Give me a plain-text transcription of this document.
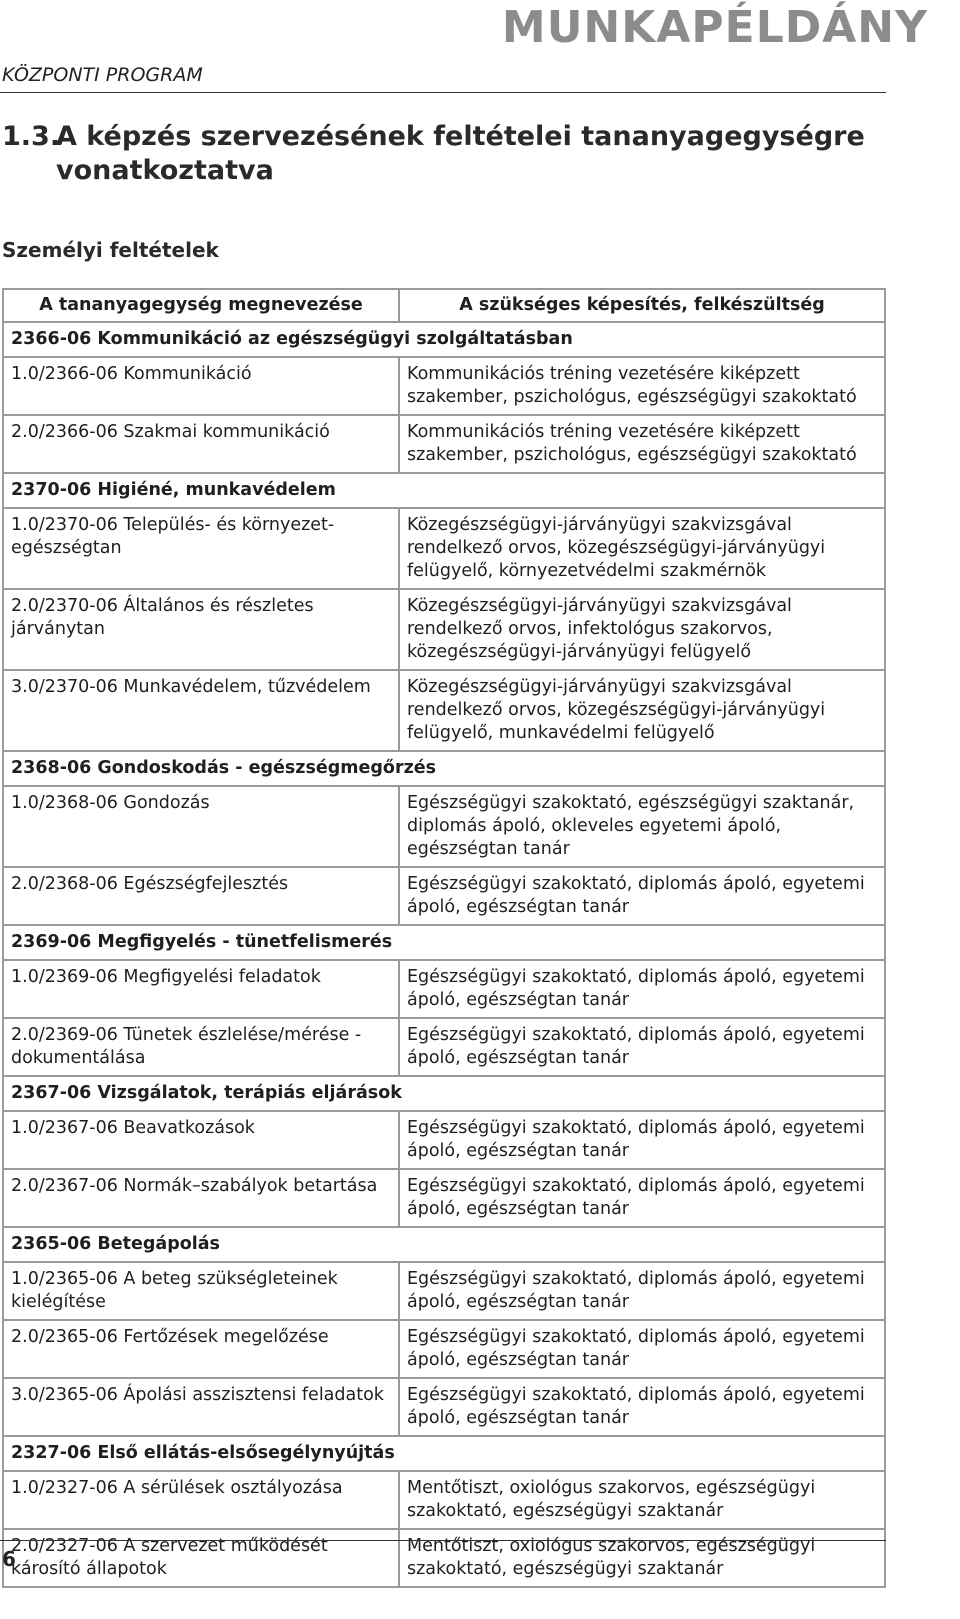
MUNKAPÉLDÁNY
KÖZPONTI PROGRAM
1.3.A képzés szervezésének feltételei tananyagegységre
vonatkoztatva
Személyi feltételek
A tananyagegység megnevezése	A szükséges képesítés, felkészültség
2366-06 Kommunikáció az egészségügyi szolgáltatásban	
1.0/2366-06 Kommunikáció	Kommunikációs tréning vezetésére kiképzett szakember, pszichológus, egészségügyi szakoktató
2.0/2366-06 Szakmai kommunikáció	Kommunikációs tréning vezetésére kiképzett szakember, pszichológus, egészségügyi szakoktató
2370-06 Higiéné, munkavédelem	
1.0/2370-06 Település- és környezet-egészségtan	Közegészségügyi-járványügyi szakvizsgával rendelkező orvos, közegészségügyi-járványügyi felügyelő, környezetvédelmi szakmérnök
2.0/2370-06 Általános és részletes járványtan	Közegészségügyi-járványügyi szakvizsgával rendelkező orvos, infektológus szakorvos, közegészségügyi-járványügyi felügyelő
3.0/2370-06 Munkavédelem, tűzvédelem	Közegészségügyi-járványügyi szakvizsgával rendelkező orvos, közegészségügyi-járványügyi felügyelő, munkavédelmi felügyelő
2368-06 Gondoskodás - egészségmegőrzés	
1.0/2368-06 Gondozás	Egészségügyi szakoktató, egészségügyi szaktanár, diplomás ápoló, okleveles egyetemi ápoló, egészségtan tanár
2.0/2368-06 Egészségfejlesztés	Egészségügyi szakoktató, diplomás ápoló, egyetemi ápoló, egészségtan tanár
2369-06 Megfigyelés - tünetfelismerés	
1.0/2369-06 Megfigyelési feladatok	Egészségügyi szakoktató, diplomás ápoló, egyetemi ápoló, egészségtan tanár
2.0/2369-06 Tünetek észlelése/mérése - dokumentálása	Egészségügyi szakoktató, diplomás ápoló, egyetemi ápoló, egészségtan tanár
2367-06 Vizsgálatok, terápiás eljárások	
1.0/2367-06 Beavatkozások	Egészségügyi szakoktató, diplomás ápoló, egyetemi ápoló, egészségtan tanár
2.0/2367-06 Normák–szabályok betartása	Egészségügyi szakoktató, diplomás ápoló, egyetemi ápoló, egészségtan tanár
2365-06 Betegápolás	
1.0/2365-06 A beteg szükségleteinek kielégítése	Egészségügyi szakoktató, diplomás ápoló, egyetemi ápoló, egészségtan tanár
2.0/2365-06 Fertőzések megelőzése	Egészségügyi szakoktató, diplomás ápoló, egyetemi ápoló, egészségtan tanár
3.0/2365-06 Ápolási asszisztensi feladatok	Egészségügyi szakoktató, diplomás ápoló, egyetemi ápoló, egészségtan tanár
2327-06 Első ellátás-elsősegélynyújtás	
1.0/2327-06 A sérülések osztályozása	Mentőtiszt, oxiológus szakorvos, egészségügyi szakoktató, egészségügyi szaktanár
2.0/2327-06 A szervezet működését károsító állapotok	Mentőtiszt, oxiológus szakorvos, egészségügyi szakoktató, egészségügyi szaktanár
6
